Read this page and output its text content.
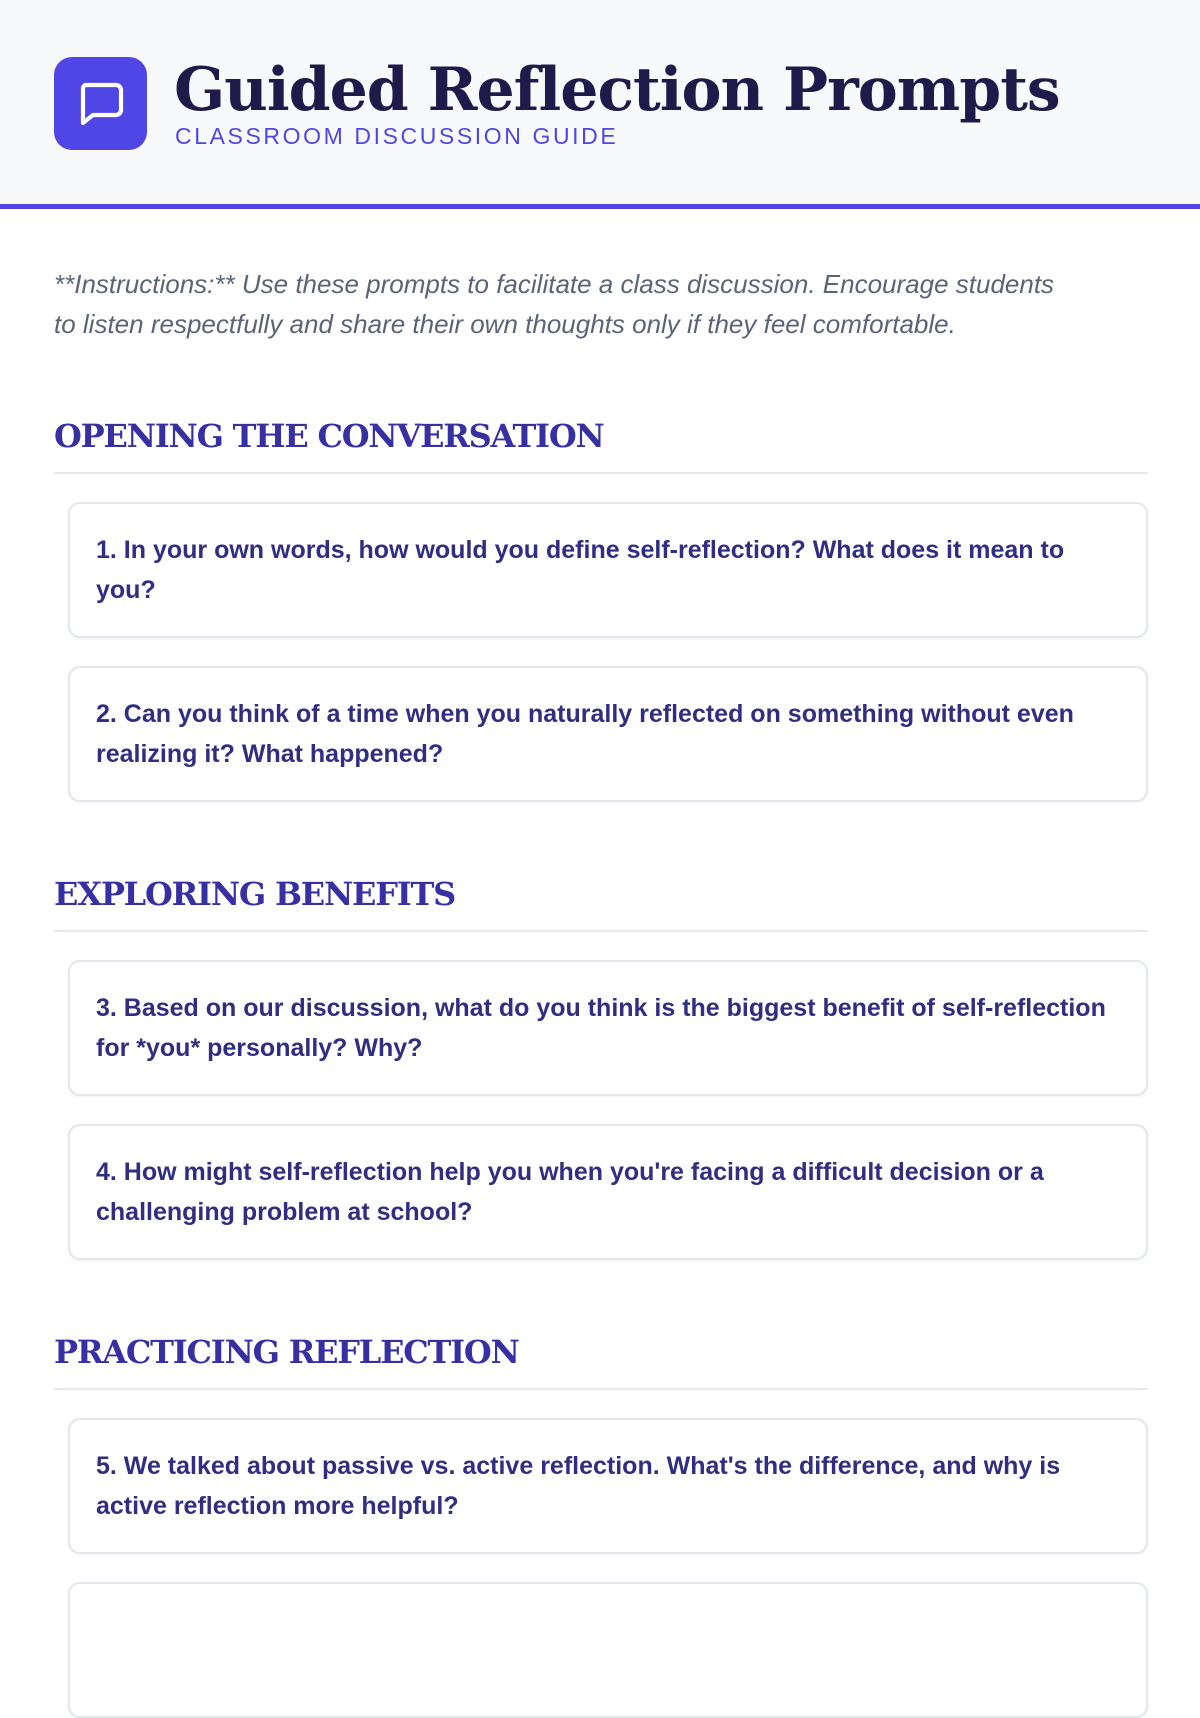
Guided Reflection Prompts
CLASSROOM DISCUSSION GUIDE

**Instructions:** Use these prompts to facilitate a class discussion. Encourage students to listen respectfully and share their own thoughts only if they feel comfortable.

OPENING THE CONVERSATION
1. In your own words, how would you define self-reflection? What does it mean to you?
2. Can you think of a time when you naturally reflected on something without even realizing it? What happened?
EXPLORING BENEFITS
3. Based on our discussion, what do you think is the biggest benefit of self-reflection for *you* personally? Why?
4. How might self-reflection help you when you're facing a difficult decision or a challenging problem at school?
PRACTICING REFLECTION
5. We talked about passive vs. active reflection. What's the difference, and why is active reflection more helpful?
